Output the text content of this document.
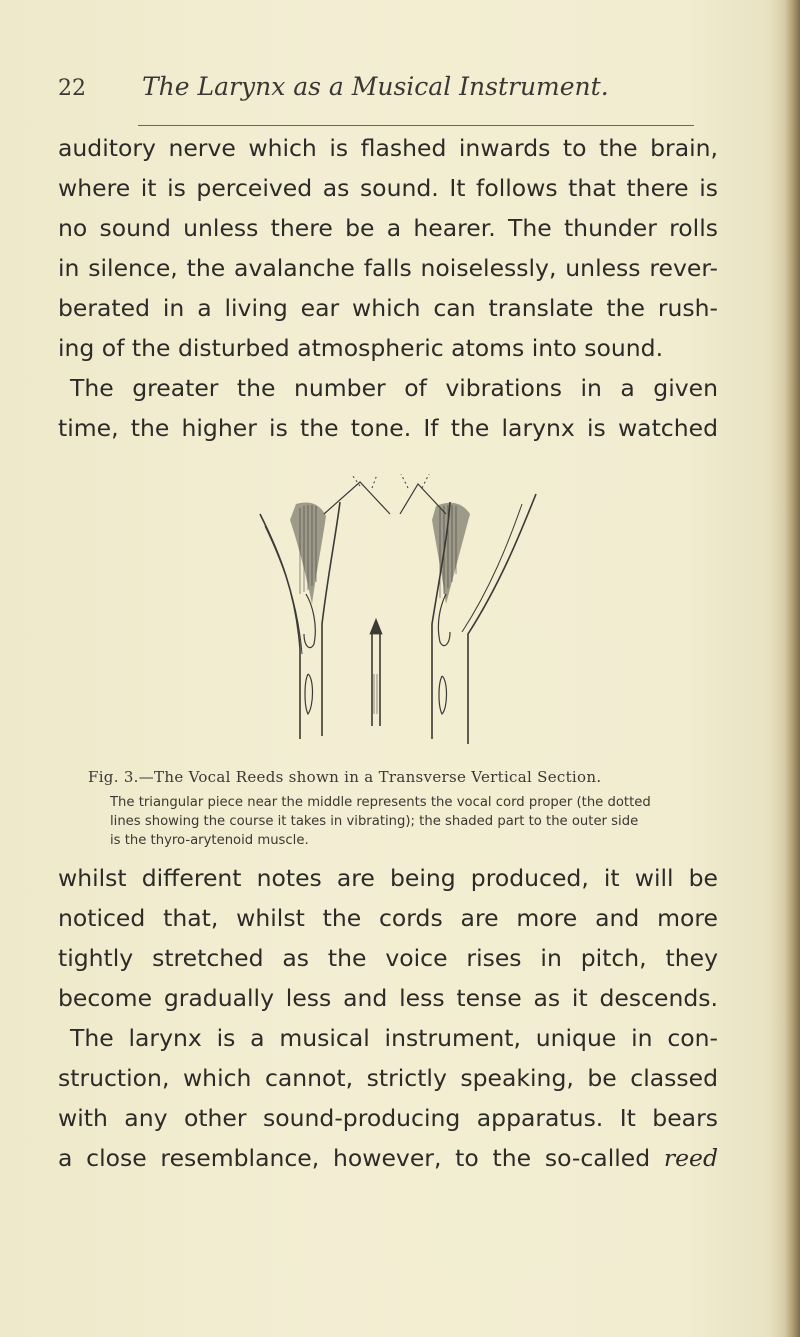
22 The Larynx as a Musical Instrument.
auditory nerve which is flashed inwards to the brain,
where it is perceived as sound. It follows that there is
no sound unless there be a hearer. The thunder rolls
in silence, the avalanche falls noiselessly, unless rever-
berated in a living ear which can translate the rush-
ing of the disturbed atmospheric atoms into sound.
The greater the number of vibrations in a given
time, the higher is the tone. If the larynx is watched
Fig. 3.—The Vocal Reeds shown in a Transverse Vertical Section.
The triangular piece near the middle represents the vocal cord proper (the dotted
lines showing the course it takes in vibrating); the shaded part to the outer side
is the thyro-arytenoid muscle.
whilst different notes are being produced, it will be
noticed that, whilst the cords are more and more
tightly stretched as the voice rises in pitch, they
become gradually less and less tense as it descends.
The larynx is a musical instrument, unique in con-
struction, which cannot, strictly speaking, be classed
with any other sound-producing apparatus. It bears
a close resemblance, however, to the so-called reed
